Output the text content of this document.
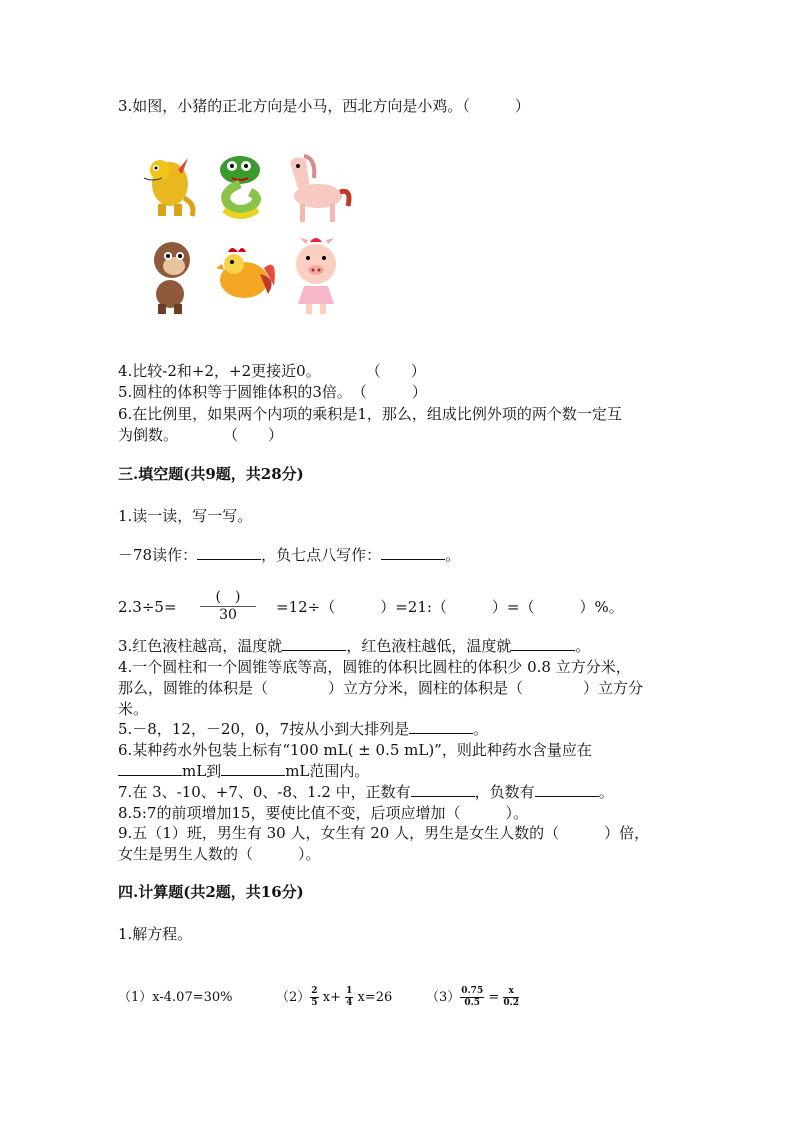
3.如图，小猪的正北方向是小马，西北方向是小鸡。（　　　）
4.比较-2和+2，+2更接近0。　　　　（　　）
5.圆柱的体积等于圆锥体积的3倍。　（　　　）
6.在比例里，如果两个内项的乘积是1，那么，组成比例外项的两个数一定互
为倒数。　　　　（　　）
三.填空题(共9题，共28分)
1.读一读，写一写。
－78读作：	，负七点八写作：	。
2.3÷5=
(　)
30	=12÷（　　　）=21:（　　　）=（　　　）%。
3.红色液柱越高，温度就	，红色液柱越低，温度就	。
4.一个圆柱和一个圆锥等底等高，圆锥的体积比圆柱的体积少 0.8 立方分米，
那么，圆锥的体积是（　　　　）立方分米，圆柱的体积是（　　　　）立方分
米。
5.－8，12，－20，0，7按从小到大排列是	。
6.某种药水外包装上标有“100 mL( ± 0.5 mL)”，则此种药水含量应在
mL到	mL范围内。
7.在 3、-10、+7、0、-8、1.2 中，正数有	，负数有	。
8.5:7的前项增加15，要使比值不变，后项应增加（　　　）。
9.五（1）班，男生有 30 人，女生有 20 人，男生是女生人数的（　　　）倍，
女生是男生人数的（　　　）。
四.计算题(共2题，共16分)
1.解方程。
（1）x-4.07=30%	$(2) \frac{2}{5} x+ \frac{1}{4} x=26$	$(3) \frac{0.75}{0.5} = \frac{x}{0.2}$
